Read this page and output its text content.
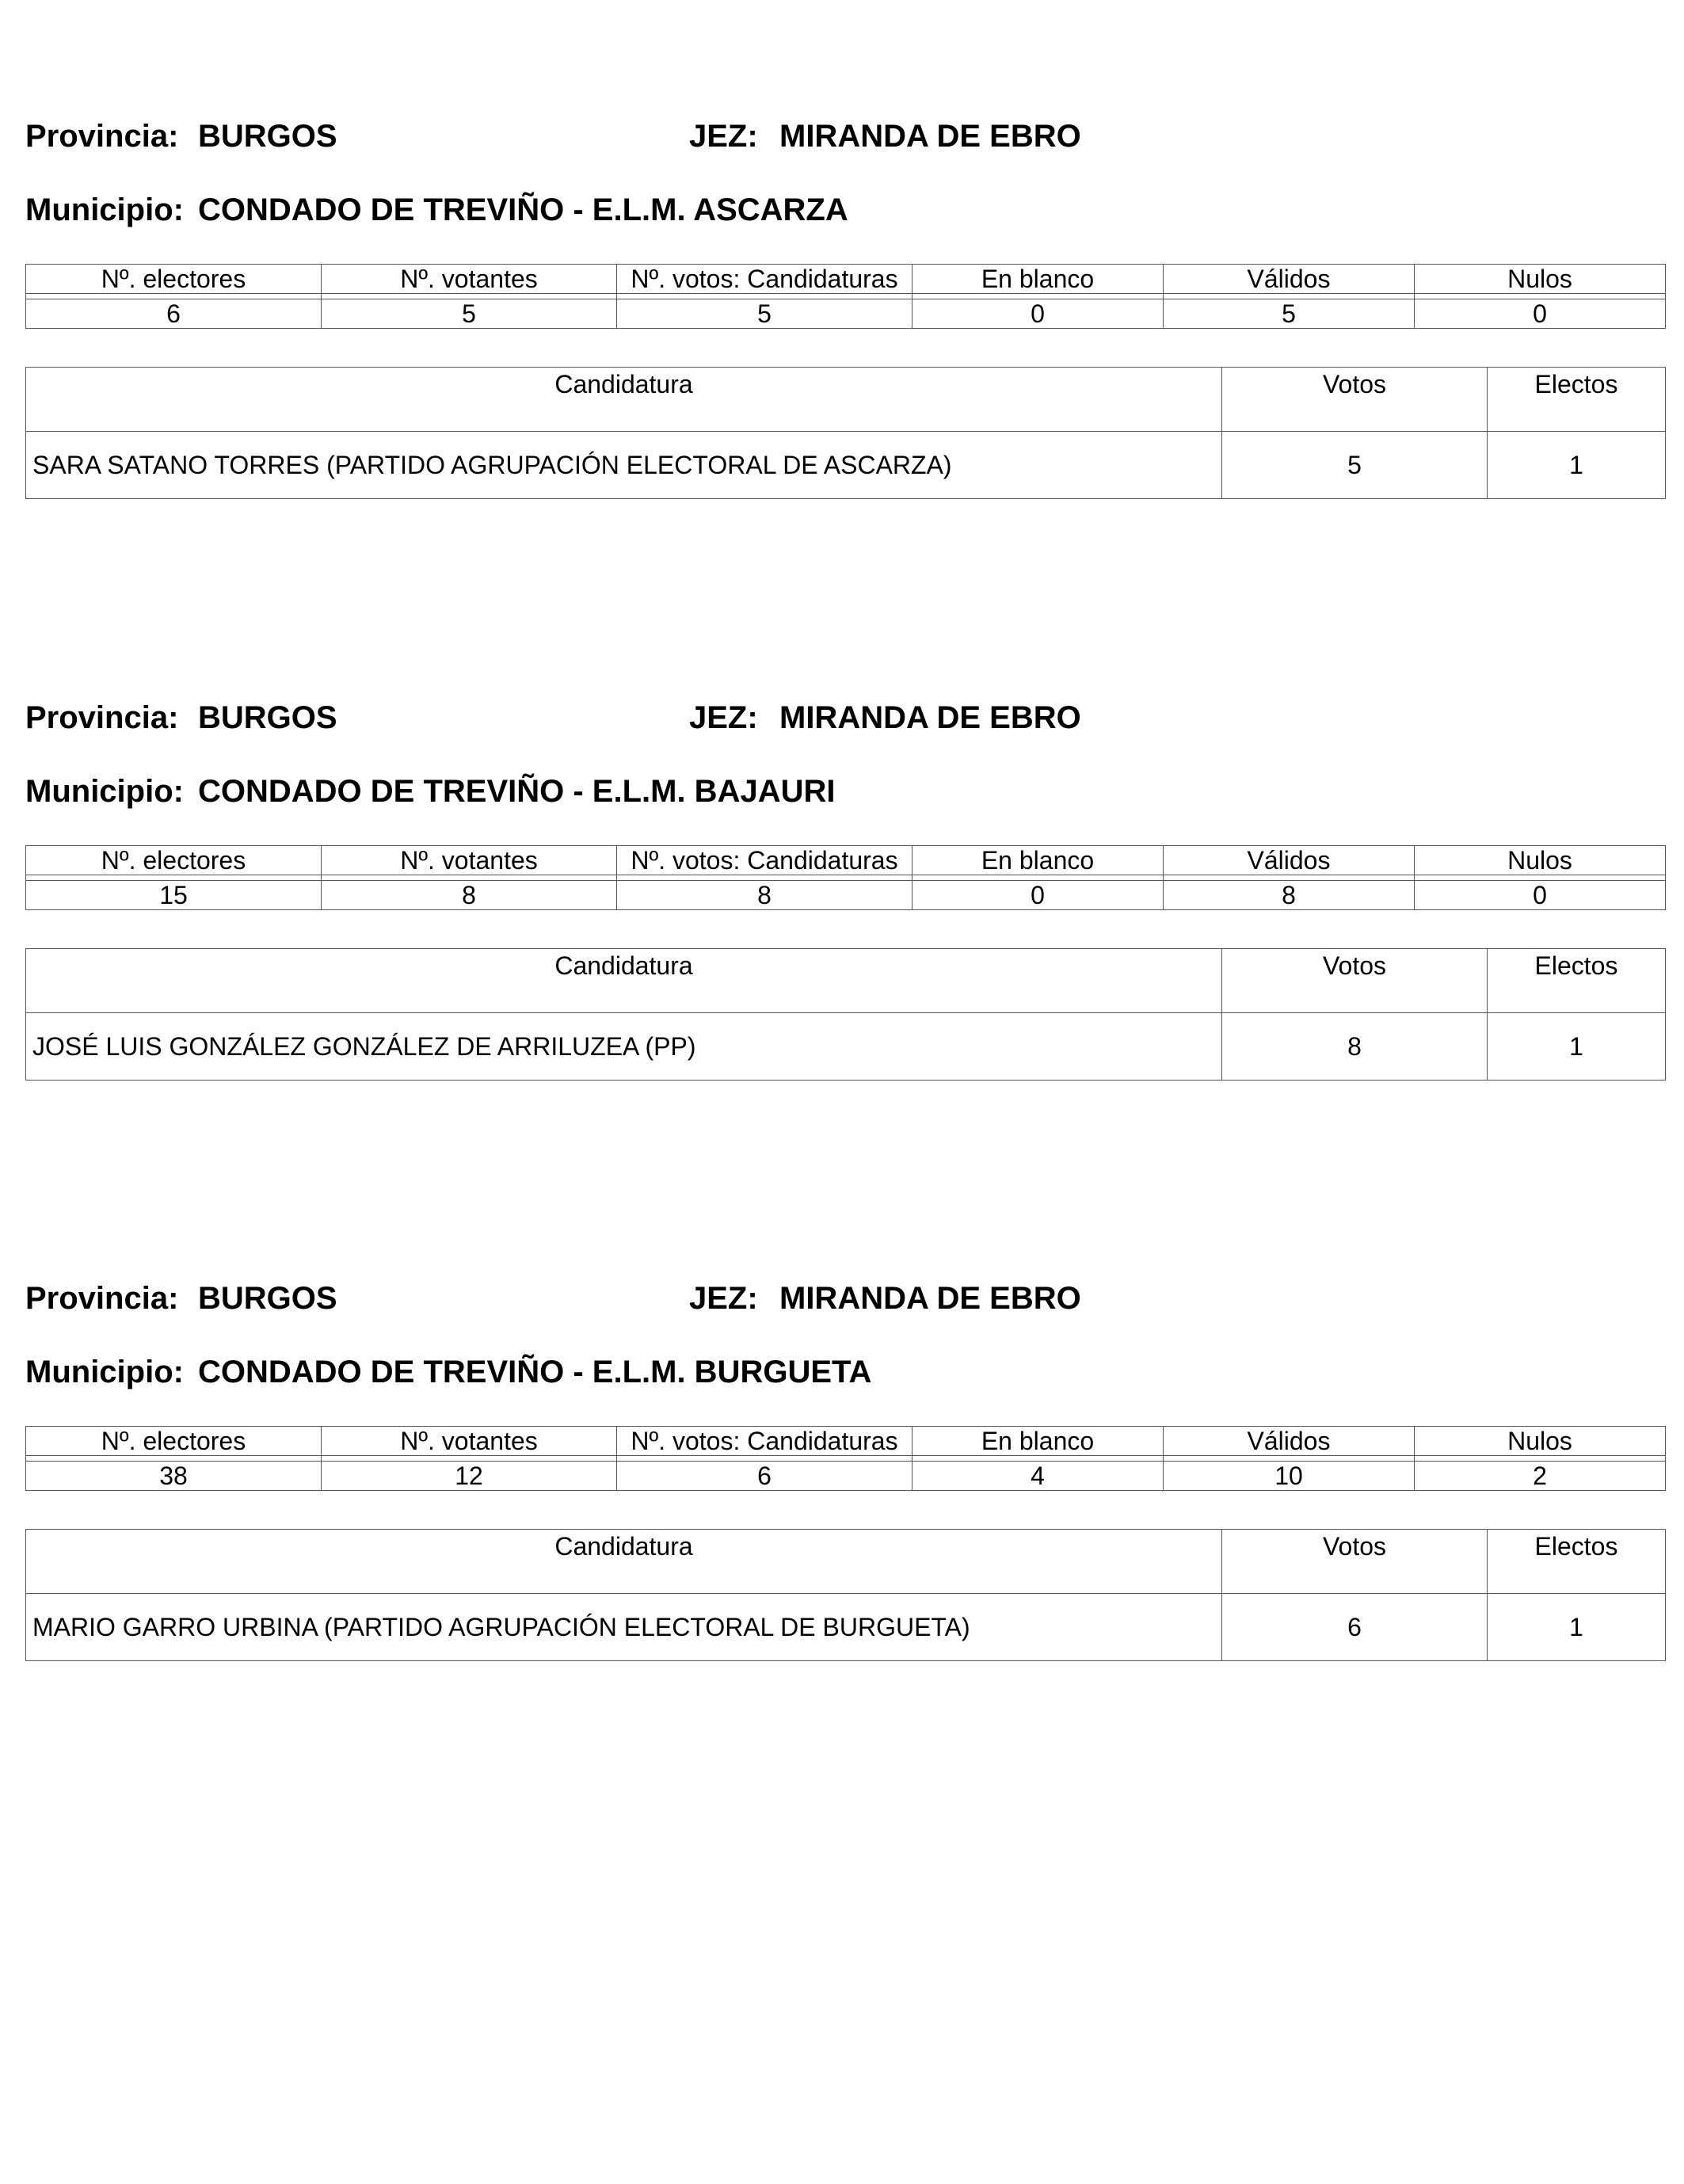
Provincia: BURGOS	JEZ: MIRANDA DE EBRO
Municipio: CONDADO DE TREVIÑO - E.L.M. ASCARZA
Nº. electores	Nº. votantes	Nº. votos: Candidaturas	En blanco	Válidos	Nulos

6	5	5	0	5	0
Candidatura	Votos	Electos
SARA SATANO TORRES (PARTIDO AGRUPACIÓN ELECTORAL DE ASCARZA)	5	1
Provincia: BURGOS	JEZ: MIRANDA DE EBRO
Municipio: CONDADO DE TREVIÑO - E.L.M. BAJAURI
Nº. electores	Nº. votantes	Nº. votos: Candidaturas	En blanco	Válidos	Nulos

15	8	8	0	8	0
Candidatura	Votos	Electos
JOSÉ LUIS GONZÁLEZ GONZÁLEZ DE ARRILUZEA (PP)	8	1
Provincia: BURGOS	JEZ: MIRANDA DE EBRO
Municipio: CONDADO DE TREVIÑO - E.L.M. BURGUETA
Nº. electores	Nº. votantes	Nº. votos: Candidaturas	En blanco	Válidos	Nulos

38	12	6	4	10	2
Candidatura	Votos	Electos
MARIO GARRO URBINA (PARTIDO AGRUPACIÓN ELECTORAL DE BURGUETA)	6	1
